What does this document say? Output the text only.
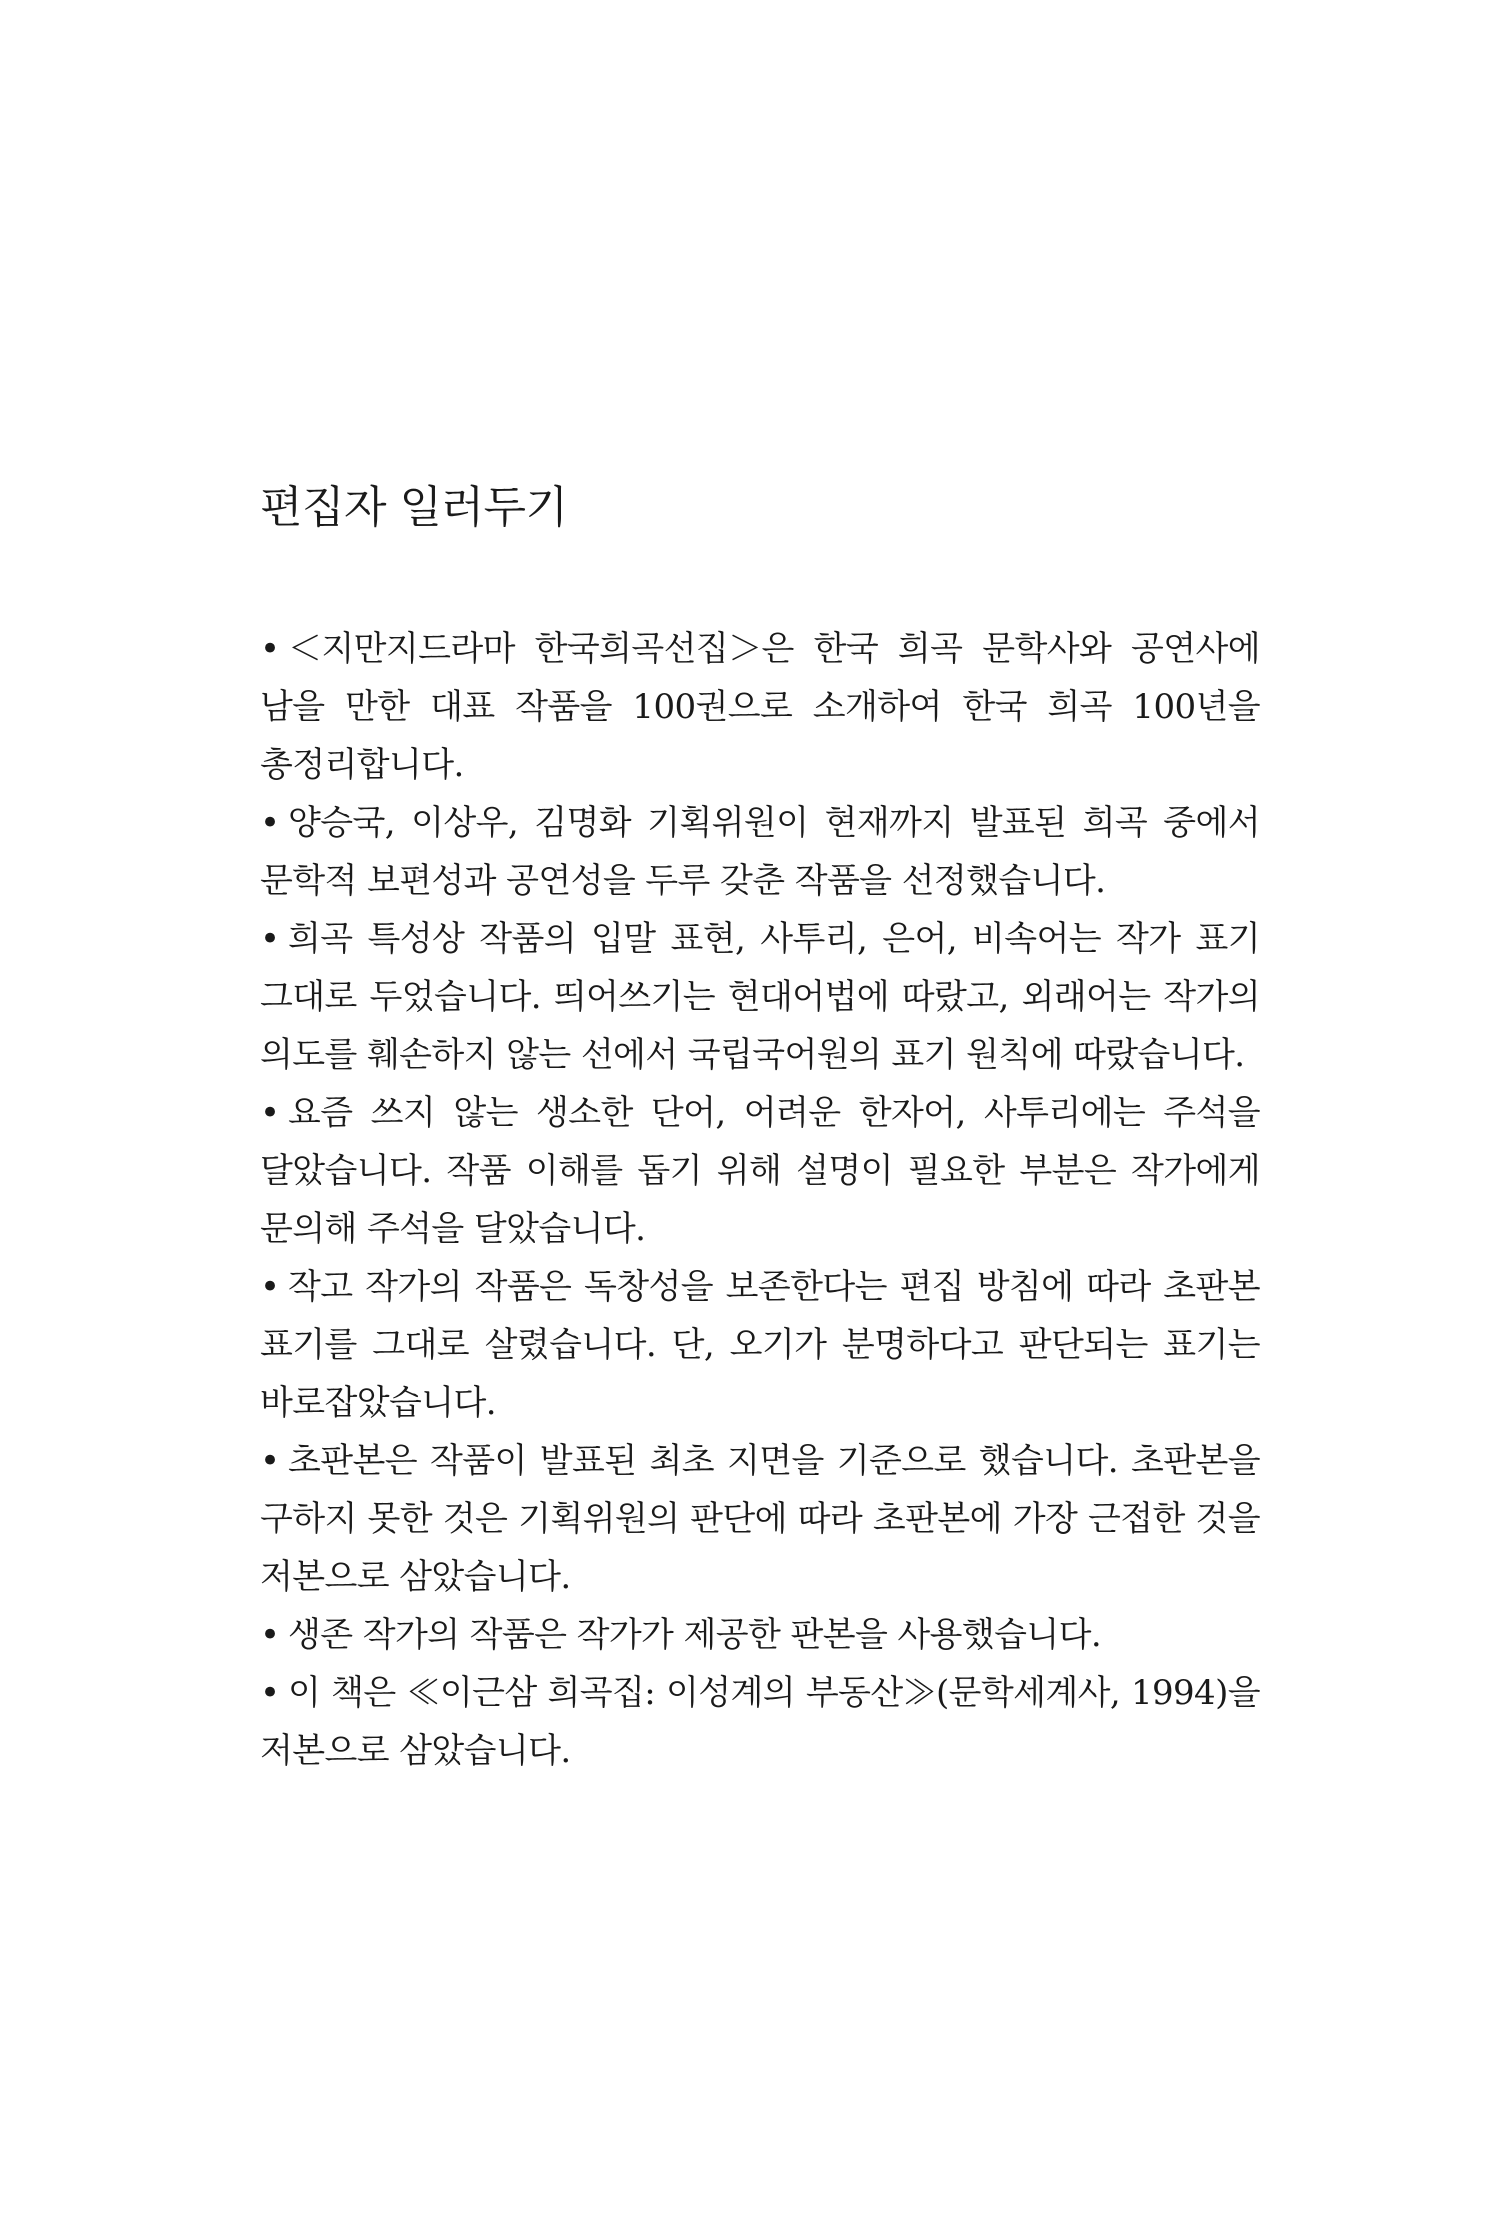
편집자 일러두기
• ＜지만지드라마 한국희곡선집＞은 한국 희곡 문학사와 공연사에 남을 만한 대표 작품을 100권으로 소개하여 한국 희곡 100년을 총정리합니다.
• 양승국, 이상우, 김명화 기획위원이 현재까지 발표된 희곡 중에서 문학적 보편성과 공연성을 두루 갖춘 작품을 선정했습니다.
• 희곡 특성상 작품의 입말 표현, 사투리, 은어, 비속어는 작가 표기 그대로 두었습니다. 띄어쓰기는 현대어법에 따랐고, 외래어는 작가의 의도를 훼손하지 않는 선에서 국립국어원의 표기 원칙에 따랐습니다.
• 요즘 쓰지 않는 생소한 단어, 어려운 한자어, 사투리에는 주석을 달았습니다. 작품 이해를 돕기 위해 설명이 필요한 부분은 작가에게 문의해 주석을 달았습니다.
• 작고 작가의 작품은 독창성을 보존한다는 편집 방침에 따라 초판본 표기를 그대로 살렸습니다. 단, 오기가 분명하다고 판단되는 표기는 바로잡았습니다.
• 초판본은 작품이 발표된 최초 지면을 기준으로 했습니다. 초판본을 구하지 못한 것은 기획위원의 판단에 따라 초판본에 가장 근접한 것을 저본으로 삼았습니다.
• 생존 작가의 작품은 작가가 제공한 판본을 사용했습니다.
• 이 책은 ≪이근삼 희곡집: 이성계의 부동산≫(문학세계사, 1994)을 저본으로 삼았습니다.
